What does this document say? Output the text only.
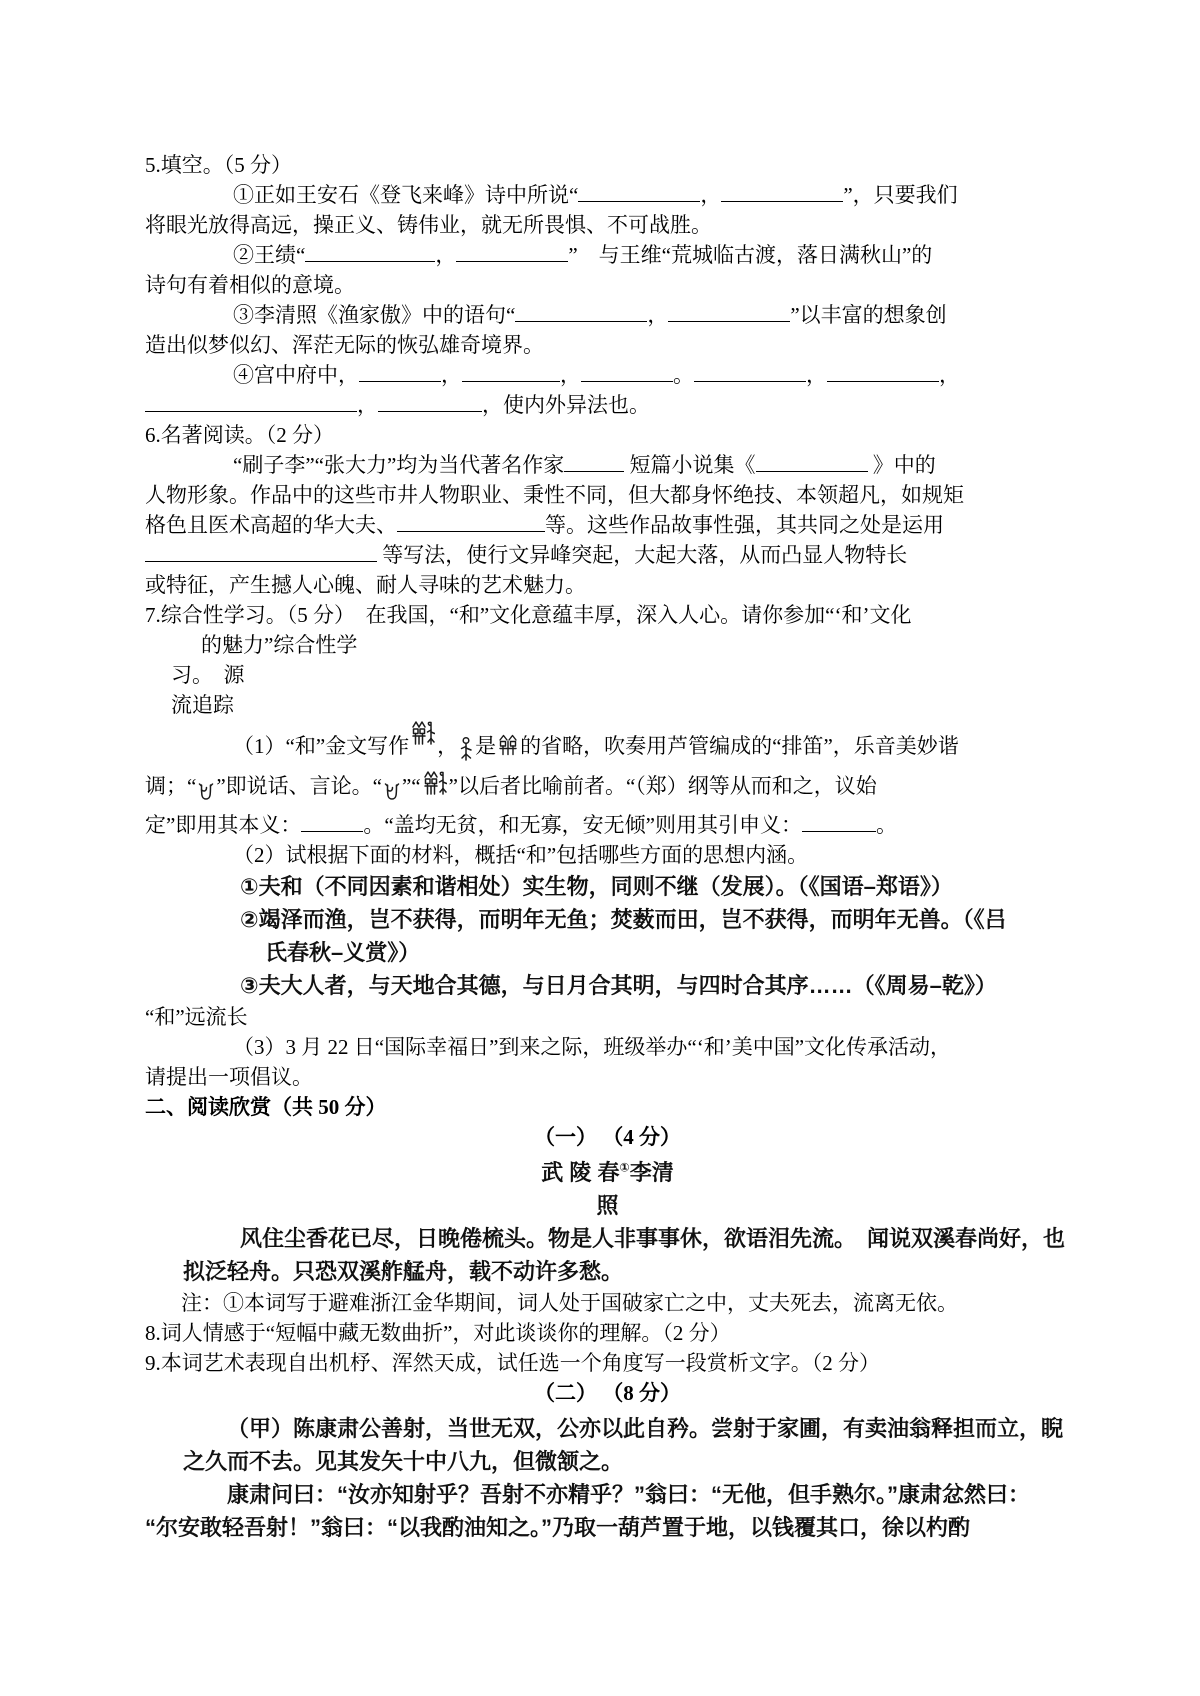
5.填空。（5 分）
①正如王安石《登飞来峰》诗中所说“	，	”，只要我们
将眼光放得高远，操正义、铸伟业，就无所畏惧、不可战胜。
②王绩“	，	”　与王维“荒城临古渡，落日满秋山”的
诗句有着相似的意境。
③李清照《渔家傲》中的语句“	，	”以丰富的想象创
造出似梦似幻、浑茫无际的恢弘雄奇境界。
④宫中府中，	，	，	。	，	，
，	，使内外异法也。
6.名著阅读。（2 分）
“刷子李”“张大力”均为当代著名作家	短篇小说集《	》中的
人物形象。作品中的这些市井人物职业、秉性不同，但大都身怀绝技、本领超凡，如规矩
格色且医术高超的华大夫、	等。这些作品故事性强，其共同之处是运用
等写法，使行文异峰突起，大起大落，从而凸显人物特长
或特征，产生撼人心魄、耐人寻味的艺术魅力。
7.综合性学习。（5 分）　在我国，“和”文化意蕴丰厚，深入人心。请你参加“‘和’文化
的魅力”综合性学
习。　源
流追踪
（1）“和”金文写作 ， 是 的省略，吹奏用芦管编成的“排笛”，乐音美妙谐
调；“ ”即说话、言论。“ ”“ ”以后者比喻前者。“（郑）纲等从而和之，议始
定”即用其本义：	。“盖均无贫，和无寡，安无倾”则用其引申义：	。
（2）试根据下面的材料，概括“和”包括哪些方面的思想内涵。
①夫和（不同因素和谐相处）实生物，同则不继（发展）。（《国语–郑语》）
②竭泽而渔，岂不获得，而明年无鱼；焚薮而田，岂不获得，而明年无兽。（《吕
氏春秋–义赏》）
③夫大人者，与天地合其德，与日月合其明，与四时合其序……（《周易–乾》）
“和”远流长
（3）3 月 22 日“国际幸福日”到来之际，班级举办“‘和’美中国”文化传承活动，
请提出一项倡议。
二、阅读欣赏（共 50 分）
（一） （4 分）
武 陵 春①李清
照
风住尘香花已尽，日晚倦梳头。物是人非事事休，欲语泪先流。　闻说双溪春尚好，也
拟泛轻舟。只恐双溪舴艋舟，载不动许多愁。
注：①本词写于避难浙江金华期间，词人处于国破家亡之中，丈夫死去，流离无依。
8.词人情感于“短幅中藏无数曲折”，对此谈谈你的理解。（2 分）
9.本词艺术表现自出机杼、浑然天成，试任选一个角度写一段赏析文字。（2 分）
（二） （8 分）
（甲）陈康肃公善射，当世无双，公亦以此自矜。尝射于家圃，有卖油翁释担而立，睨
之久而不去。见其发矢十中八九，但微颔之。
康肃问曰：“汝亦知射乎？吾射不亦精乎？”翁曰：“无他，但手熟尔。”康肃忿然曰：
“尔安敢轻吾射！”翁曰：“以我酌油知之。”乃取一葫芦置于地，以钱覆其口，徐以杓酌
